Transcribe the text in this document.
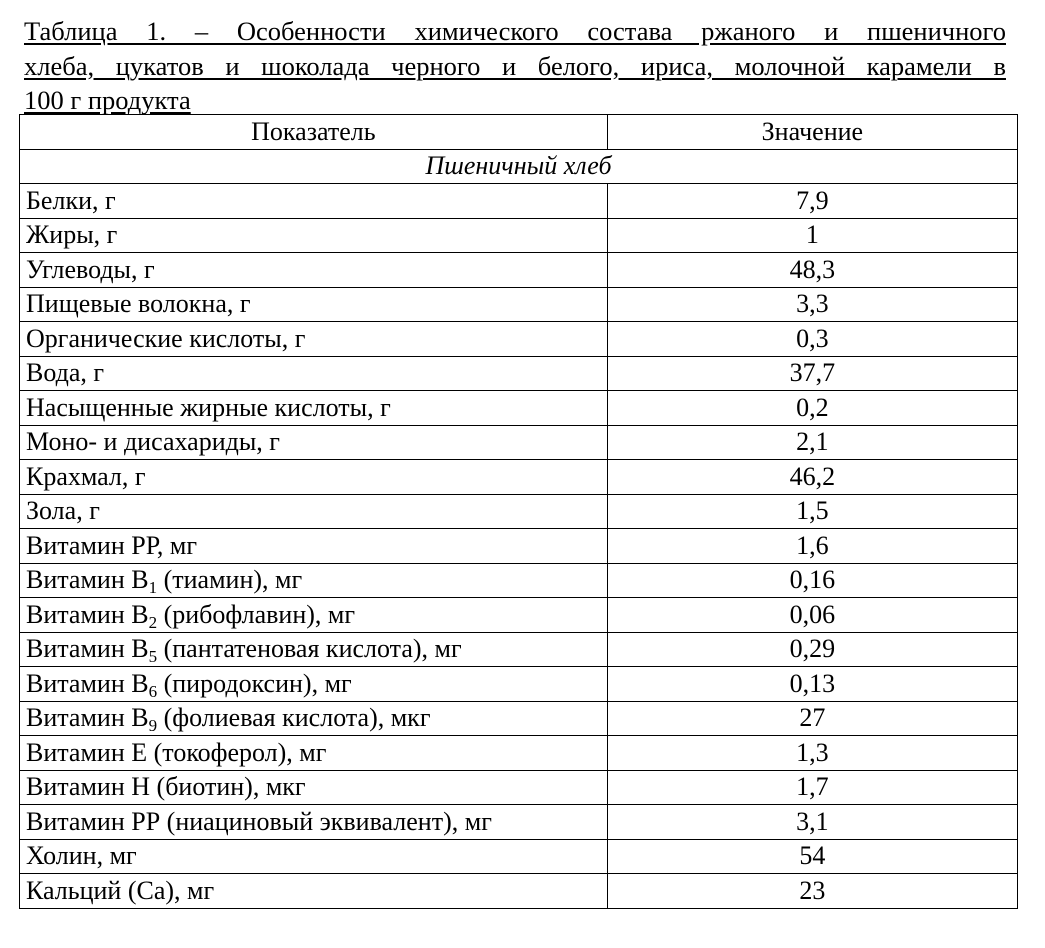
Таблица 1. – Особенности химического состава ржаного и пшеничного
хлеба, цукатов и шоколада черного и белого, ириса, молочной карамели в
100 г продукта
Показатель	Значение
Пшеничный хлеб	
Белки, г	7,9
Жиры, г	1
Углеводы, г	48,3
Пищевые волокна, г	3,3
Органические кислоты, г	0,3
Вода, г	37,7
Насыщенные жирные кислоты, г	0,2
Моно- и дисахариды, г	2,1
Крахмал, г	46,2
Зола, г	1,5
Витамин РР, мг	1,6
Витамин $В_1$ (тиамин), мг	0,16
Витамин $В_2$ (рибофлавин), мг	0,06
Витамин $В_5$ (пантатеновая кислота), мг	0,29
Витамин $В_6$ (пиродоксин), мг	0,13
Витамин $В_9$ (фолиевая кислота), мкг	27
Витамин Е (токоферол), мг	1,3
Витамин Н (биотин), мкг	1,7
Витамин РР (ниациновый эквивалент), мг	3,1
Холин, мг	54
Кальций (Са), мг	23
